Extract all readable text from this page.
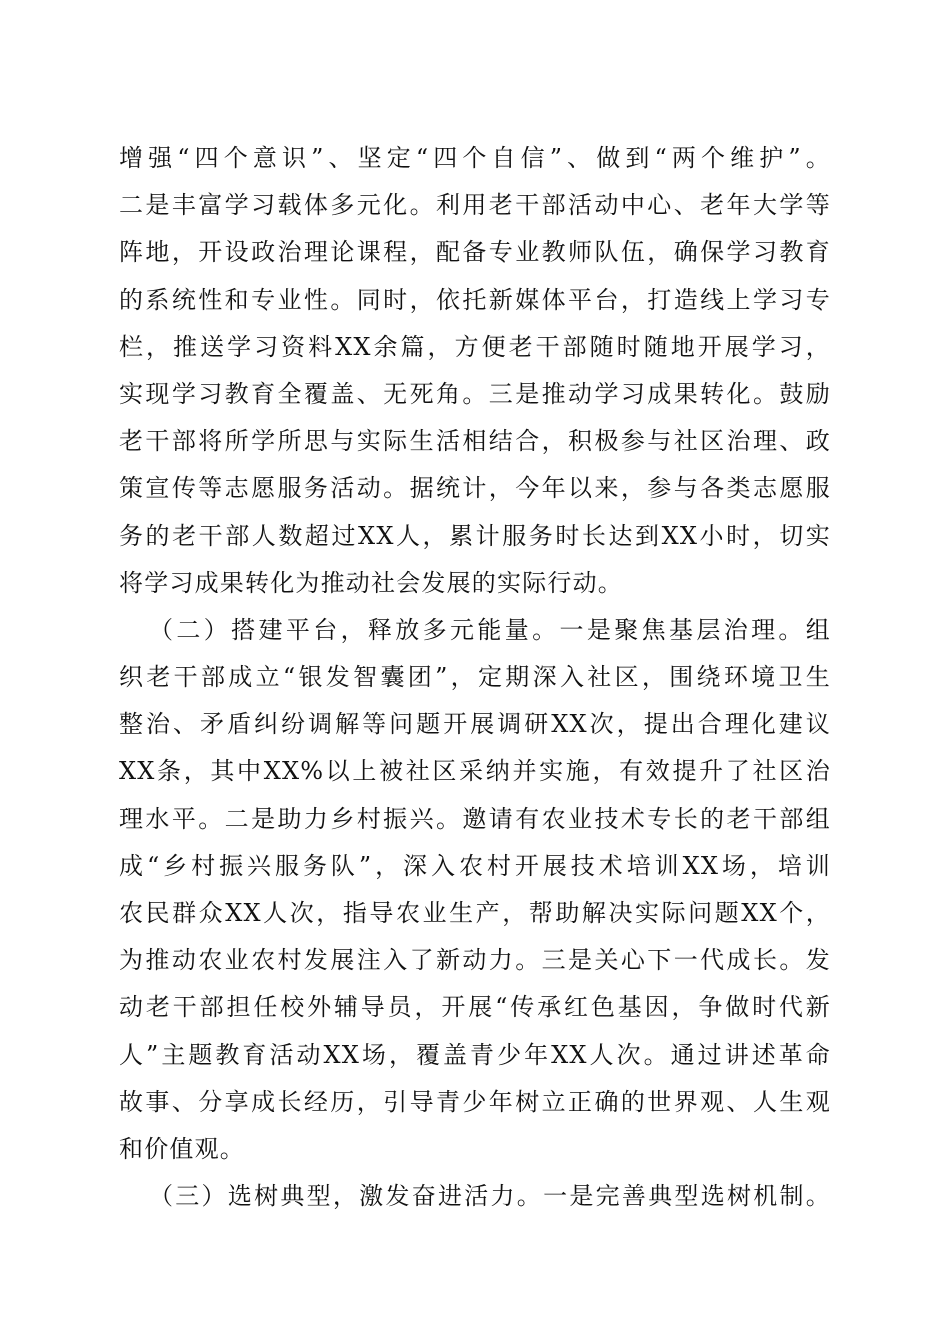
增强“四个意识”、坚定“四个自信”、做到“两个维护”。
二是丰富学习载体多元化。利用老干部活动中心、老年大学等
阵地，开设政治理论课程，配备专业教师队伍，确保学习教育
的系统性和专业性。同时，依托新媒体平台，打造线上学习专
栏，推送学习资料XX余篇，方便老干部随时随地开展学习，
实现学习教育全覆盖、无死角。三是推动学习成果转化。鼓励
老干部将所学所思与实际生活相结合，积极参与社区治理、政
策宣传等志愿服务活动。据统计，今年以来，参与各类志愿服
务的老干部人数超过XX人，累计服务时长达到XX小时，切实
将学习成果转化为推动社会发展的实际行动。
（二）搭建平台，释放多元能量。一是聚焦基层治理。组
织老干部成立“银发智囊团”，定期深入社区，围绕环境卫生
整治、矛盾纠纷调解等问题开展调研XX次，提出合理化建议
XX条，其中XX%以上被社区采纳并实施，有效提升了社区治
理水平。二是助力乡村振兴。邀请有农业技术专长的老干部组
成“乡村振兴服务队”，深入农村开展技术培训XX场，培训
农民群众XX人次，指导农业生产，帮助解决实际问题XX个，
为推动农业农村发展注入了新动力。三是关心下一代成长。发
动老干部担任校外辅导员，开展“传承红色基因，争做时代新
人”主题教育活动XX场，覆盖青少年XX人次。通过讲述革命
故事、分享成长经历，引导青少年树立正确的世界观、人生观
和价值观。
（三）选树典型，激发奋进活力。一是完善典型选树机制。
